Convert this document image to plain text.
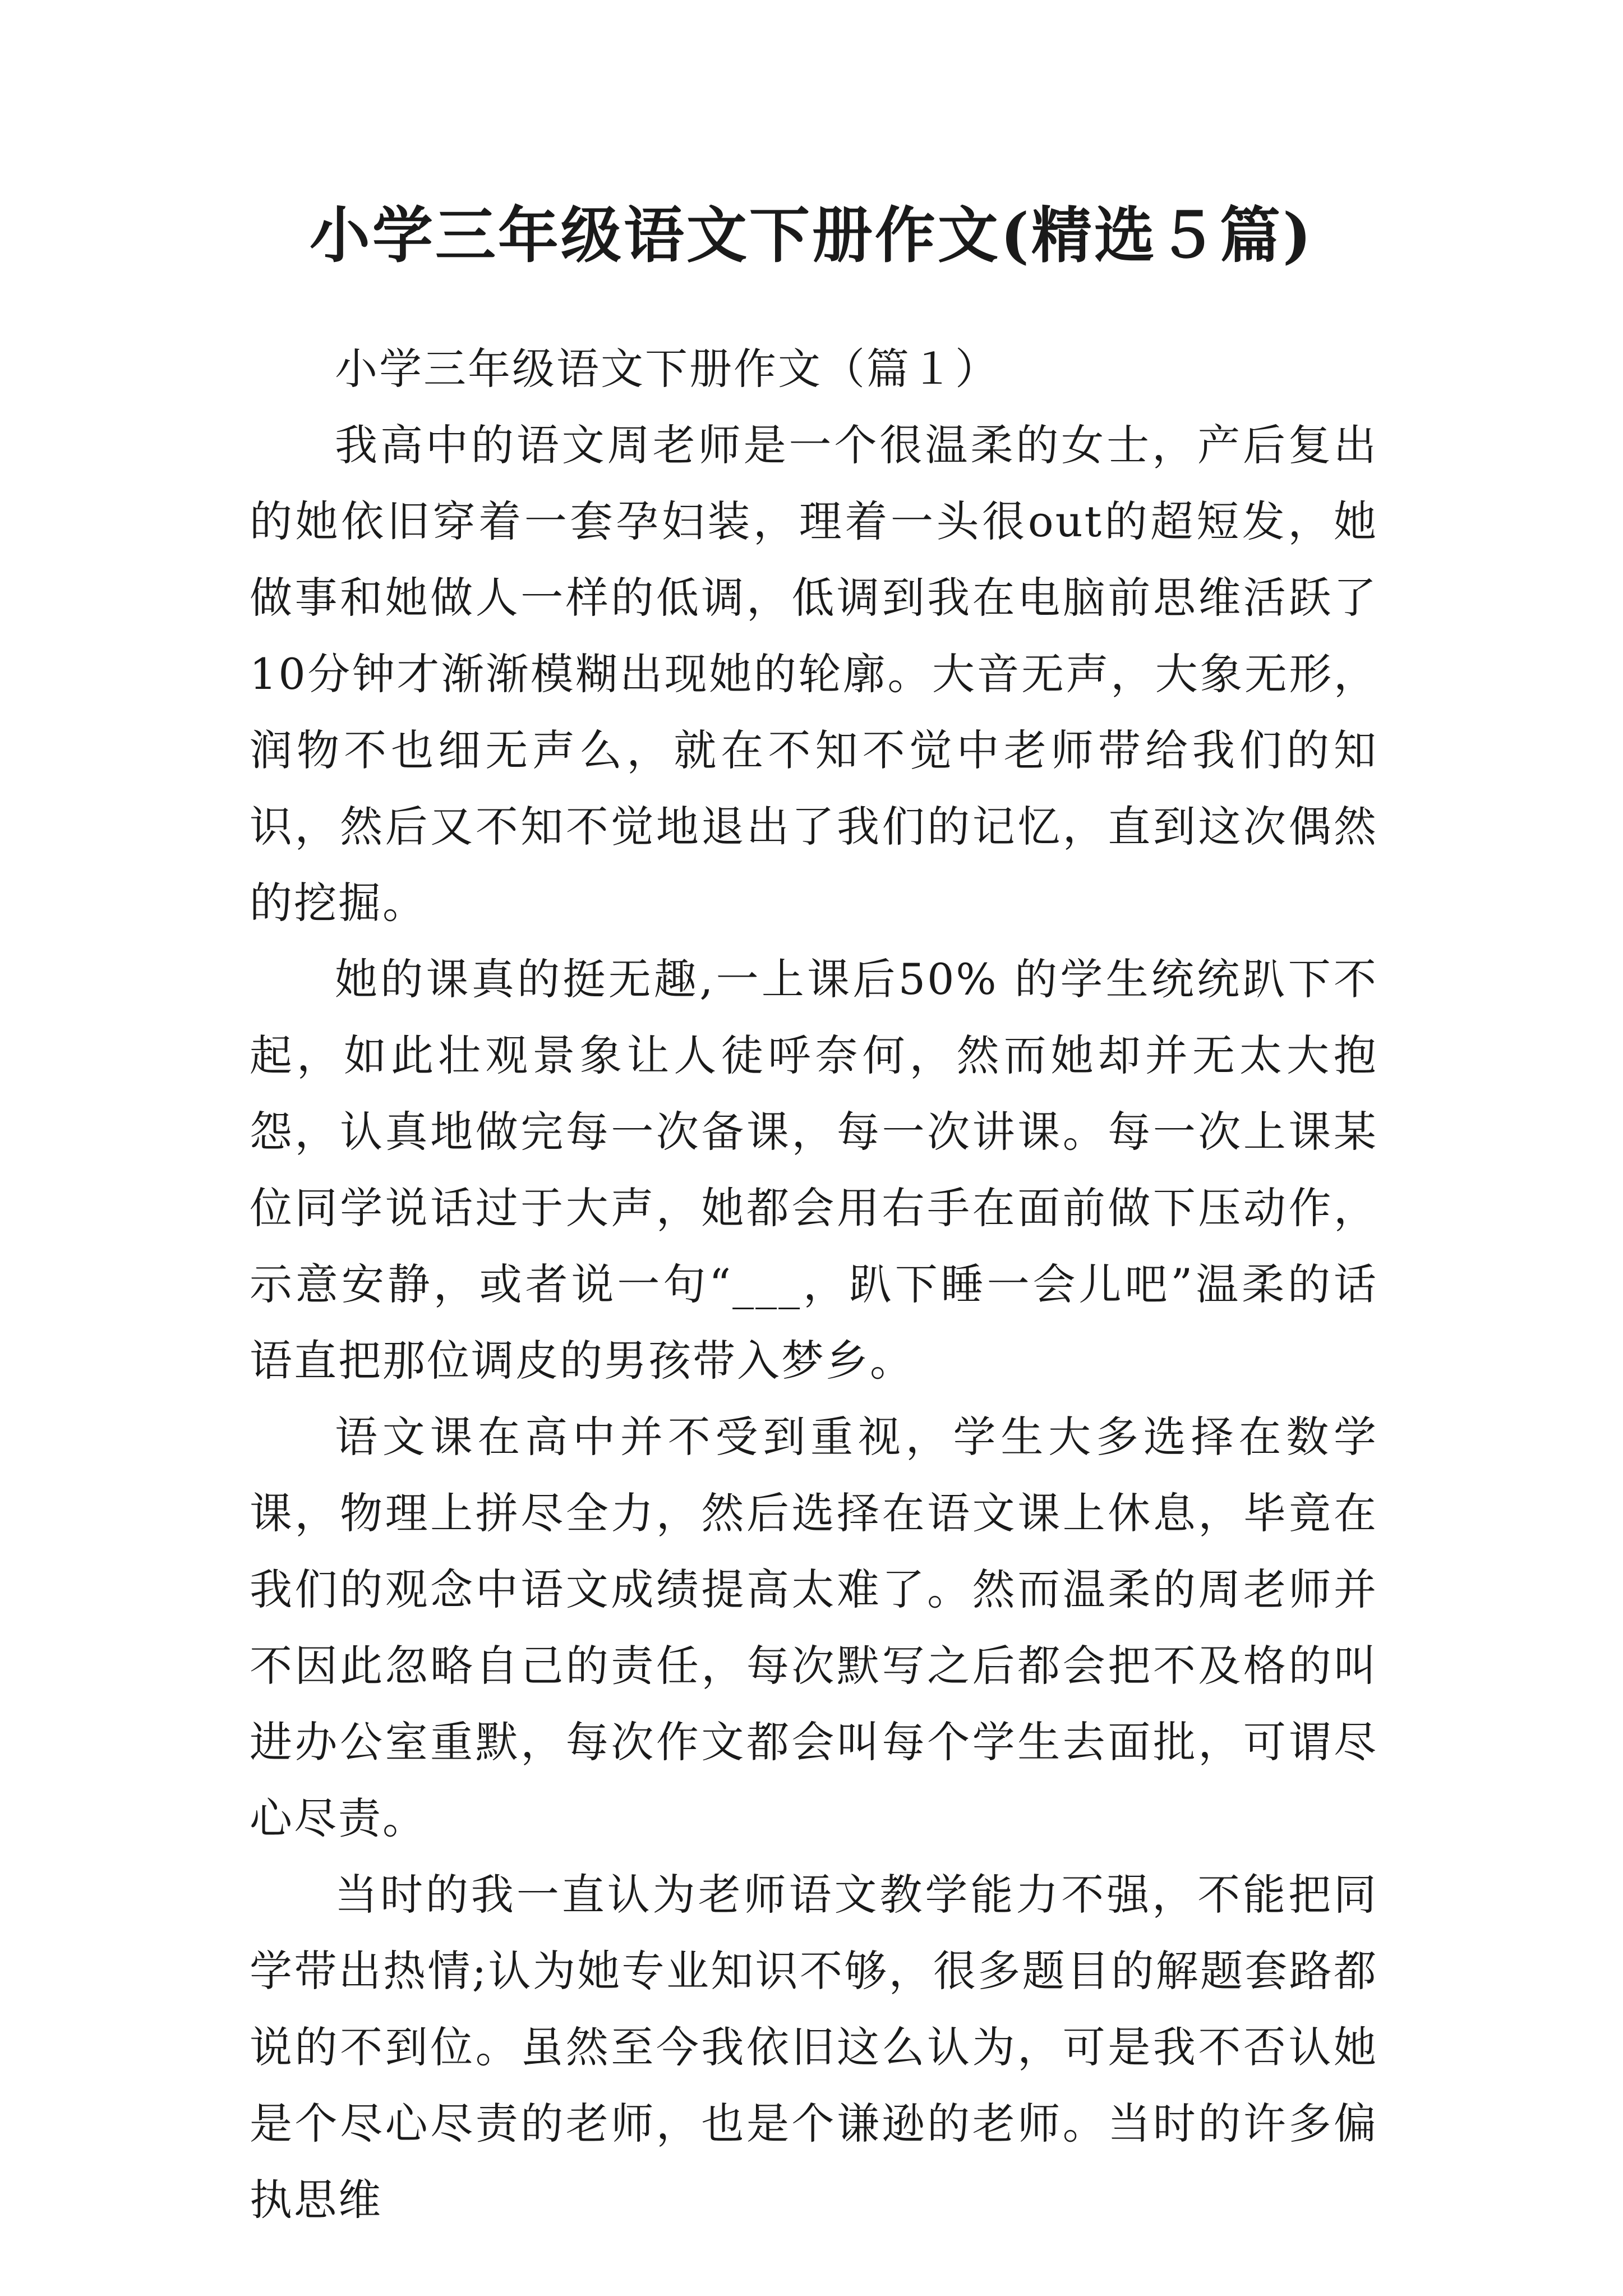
小学三年级语文下册作文(精选５篇)

小学三年级语文下册作文（篇１）

我高中的语文周老师是一个很温柔的女士，产后复出的她依旧穿着一套孕妇装，理着一头很out的超短发，她做事和她做人一样的低调，低调到我在电脑前思维活跃了10分钟才渐渐模糊出现她的轮廓。大音无声，大象无形，润物不也细无声么，就在不知不觉中老师带给我们的知识，然后又不知不觉地退出了我们的记忆，直到这次偶然的挖掘。

她的课真的挺无趣,一上课后50% 的学生统统趴下不起，如此壮观景象让人徒呼奈何，然而她却并无太大抱怨，认真地做完每一次备课，每一次讲课。每一次上课某位同学说话过于大声，她都会用右手在面前做下压动作，示意安静，或者说一句“___，趴下睡一会儿吧”温柔的话语直把那位调皮的男孩带入梦乡。

语文课在高中并不受到重视，学生大多选择在数学课，物理上拼尽全力，然后选择在语文课上休息，毕竟在我们的观念中语文成绩提高太难了。然而温柔的周老师并不因此忽略自己的责任，每次默写之后都会把不及格的叫进办公室重默，每次作文都会叫每个学生去面批，可谓尽心尽责。

当时的我一直认为老师语文教学能力不强，不能把同学带出热情;认为她专业知识不够，很多题目的解题套路都说的不到位。虽然至今我依旧这么认为，可是我不否认她是个尽心尽责的老师，也是个谦逊的老师。当时的许多偏执思维
